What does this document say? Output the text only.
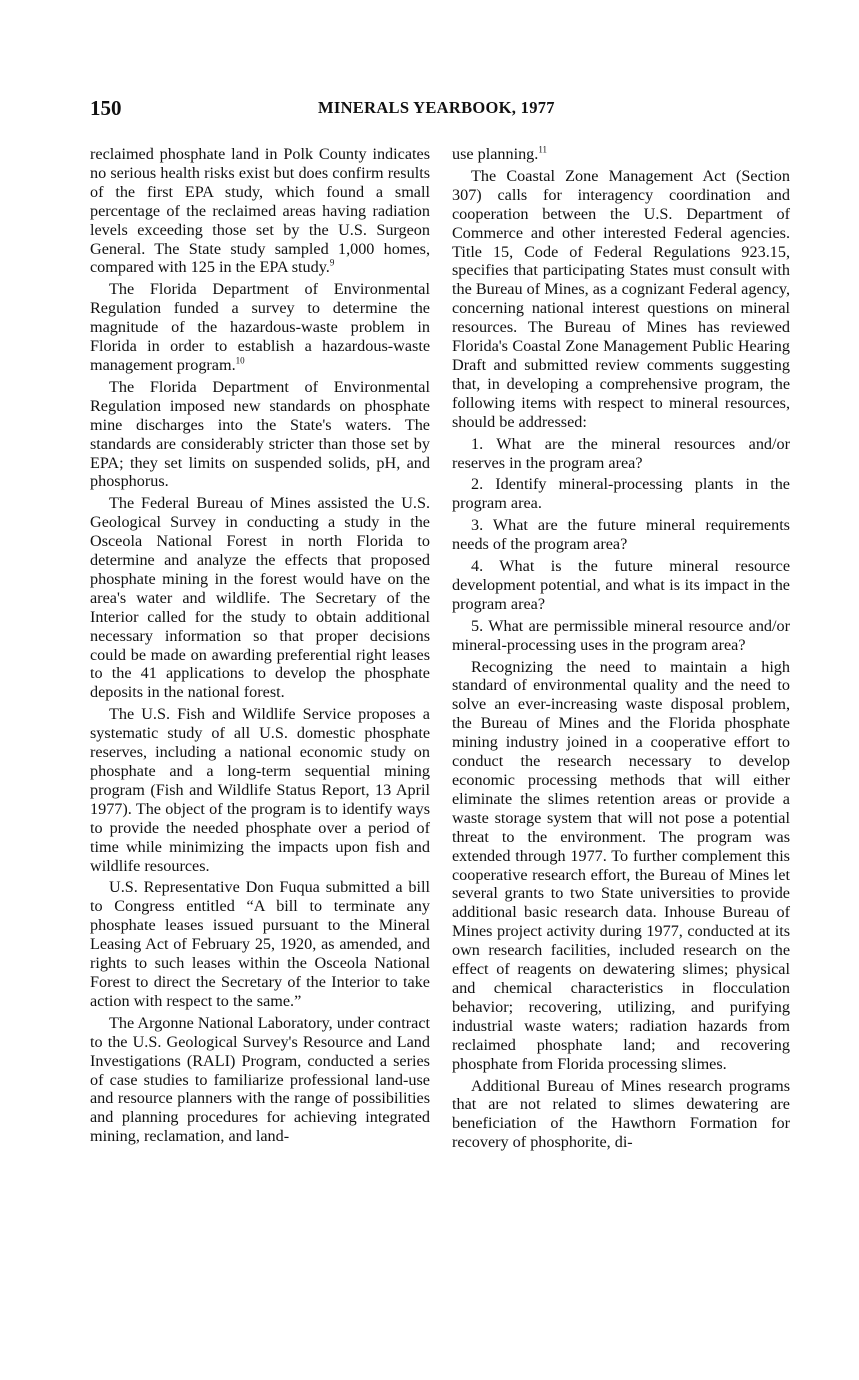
150	MINERALS YEARBOOK, 1977

reclaimed phosphate land in Polk County indicates no serious health risks exist but does confirm results of the first EPA study, which found a small percentage of the reclaimed areas having radiation levels exceeding those set by the U.S. Surgeon General. The State study sampled 1,000 homes, compared with 125 in the EPA study.$^9$

The Florida Department of Environmental Regulation funded a survey to determine the magnitude of the hazardous-waste problem in Florida in order to establish a hazardous-waste management program.$^{10}$

The Florida Department of Environmental Regulation imposed new standards on phosphate mine discharges into the State's waters. The standards are considerably stricter than those set by EPA; they set limits on suspended solids, pH, and phosphorus.

The Federal Bureau of Mines assisted the U.S. Geological Survey in conducting a study in the Osceola National Forest in north Florida to determine and analyze the effects that proposed phosphate mining in the forest would have on the area's water and wildlife. The Secretary of the Interior called for the study to obtain additional necessary information so that proper decisions could be made on awarding preferential right leases to the 41 applications to develop the phosphate deposits in the national forest.

The U.S. Fish and Wildlife Service proposes a systematic study of all U.S. domestic phosphate reserves, including a national economic study on phosphate and a long-term sequential mining program (Fish and Wildlife Status Report, 13 April 1977). The object of the program is to identify ways to provide the needed phosphate over a period of time while minimizing the impacts upon fish and wildlife resources.

U.S. Representative Don Fuqua submitted a bill to Congress entitled “A bill to terminate any phosphate leases issued pursuant to the Mineral Leasing Act of February 25, 1920, as amended, and rights to such leases within the Osceola National Forest to direct the Secretary of the Interior to take action with respect to the same.”

The Argonne National Laboratory, under contract to the U.S. Geological Survey's Resource and Land Investigations (RALI) Program, conducted a series of case studies to familiarize professional land-use and resource planners with the range of possibilities and planning procedures for achieving integrated mining, reclamation, and land-

use planning.$^{11}$

The Coastal Zone Management Act (Section 307) calls for interagency coordination and cooperation between the U.S. Department of Commerce and other interested Federal agencies. Title 15, Code of Federal Regulations 923.15, specifies that participating States must consult with the Bureau of Mines, as a cognizant Federal agency, concerning national interest questions on mineral resources. The Bureau of Mines has reviewed Florida's Coastal Zone Management Public Hearing Draft and submitted review comments suggesting that, in developing a comprehensive program, the following items with respect to mineral resources, should be addressed:

1. What are the mineral resources and/or reserves in the program area?

2. Identify mineral-processing plants in the program area.

3. What are the future mineral requirements needs of the program area?

4. What is the future mineral resource development potential, and what is its impact in the program area?

5. What are permissible mineral resource and/or mineral-processing uses in the program area?

Recognizing the need to maintain a high standard of environmental quality and the need to solve an ever-increasing waste disposal problem, the Bureau of Mines and the Florida phosphate mining industry joined in a cooperative effort to conduct the research necessary to develop economic processing methods that will either eliminate the slimes retention areas or provide a waste storage system that will not pose a potential threat to the environment. The program was extended through 1977. To further complement this cooperative research effort, the Bureau of Mines let several grants to two State universities to provide additional basic research data. Inhouse Bureau of Mines project activity during 1977, conducted at its own research facilities, included research on the effect of reagents on dewatering slimes; physical and chemical characteristics in flocculation behavior; recovering, utilizing, and purifying industrial waste waters; radiation hazards from reclaimed phosphate land; and recovering phosphate from Florida processing slimes.

Additional Bureau of Mines research programs that are not related to slimes dewatering are beneficiation of the Hawthorn Formation for recovery of phosphorite, di-
